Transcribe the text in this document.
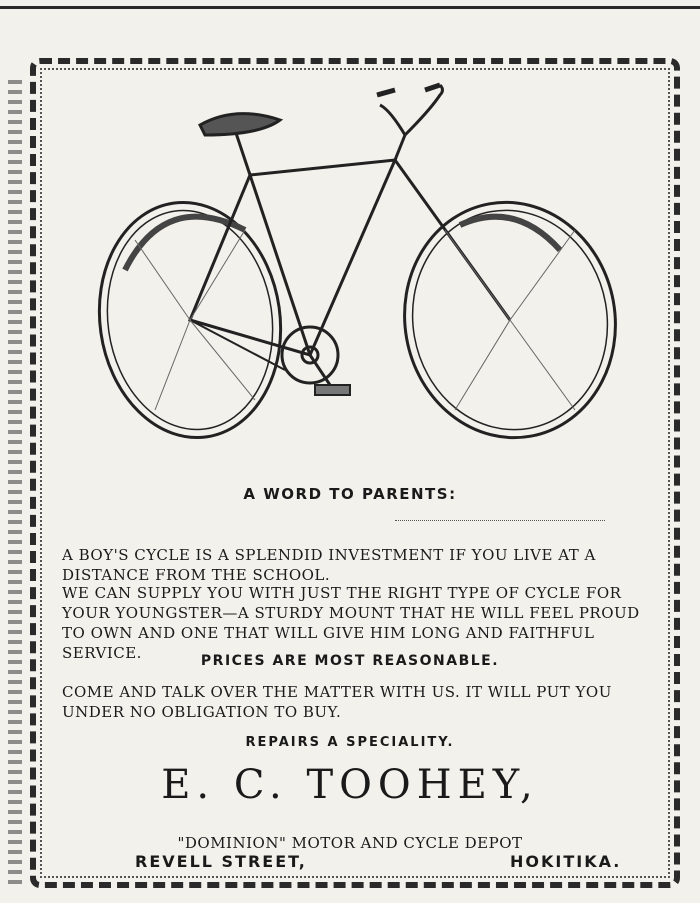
A WORD TO PARENTS:
A BOY'S CYCLE IS A SPLENDID INVESTMENT IF YOU LIVE AT A DISTANCE FROM THE SCHOOL.
WE CAN SUPPLY YOU WITH JUST THE RIGHT TYPE OF CYCLE FOR YOUR YOUNGSTER—A STURDY MOUNT THAT HE WILL FEEL PROUD TO OWN AND ONE THAT WILL GIVE HIM LONG AND FAITHFUL SERVICE.	PRICES ARE MOST REASONABLE.
COME AND TALK OVER THE MATTER WITH US. IT WILL PUT YOU UNDER NO OBLIGATION TO BUY.
REPAIRS A SPECIALITY.
E. C. TOOHEY,
"DOMINION" MOTOR AND CYCLE DEPOT
REVELL STREET,	HOKITIKA.
